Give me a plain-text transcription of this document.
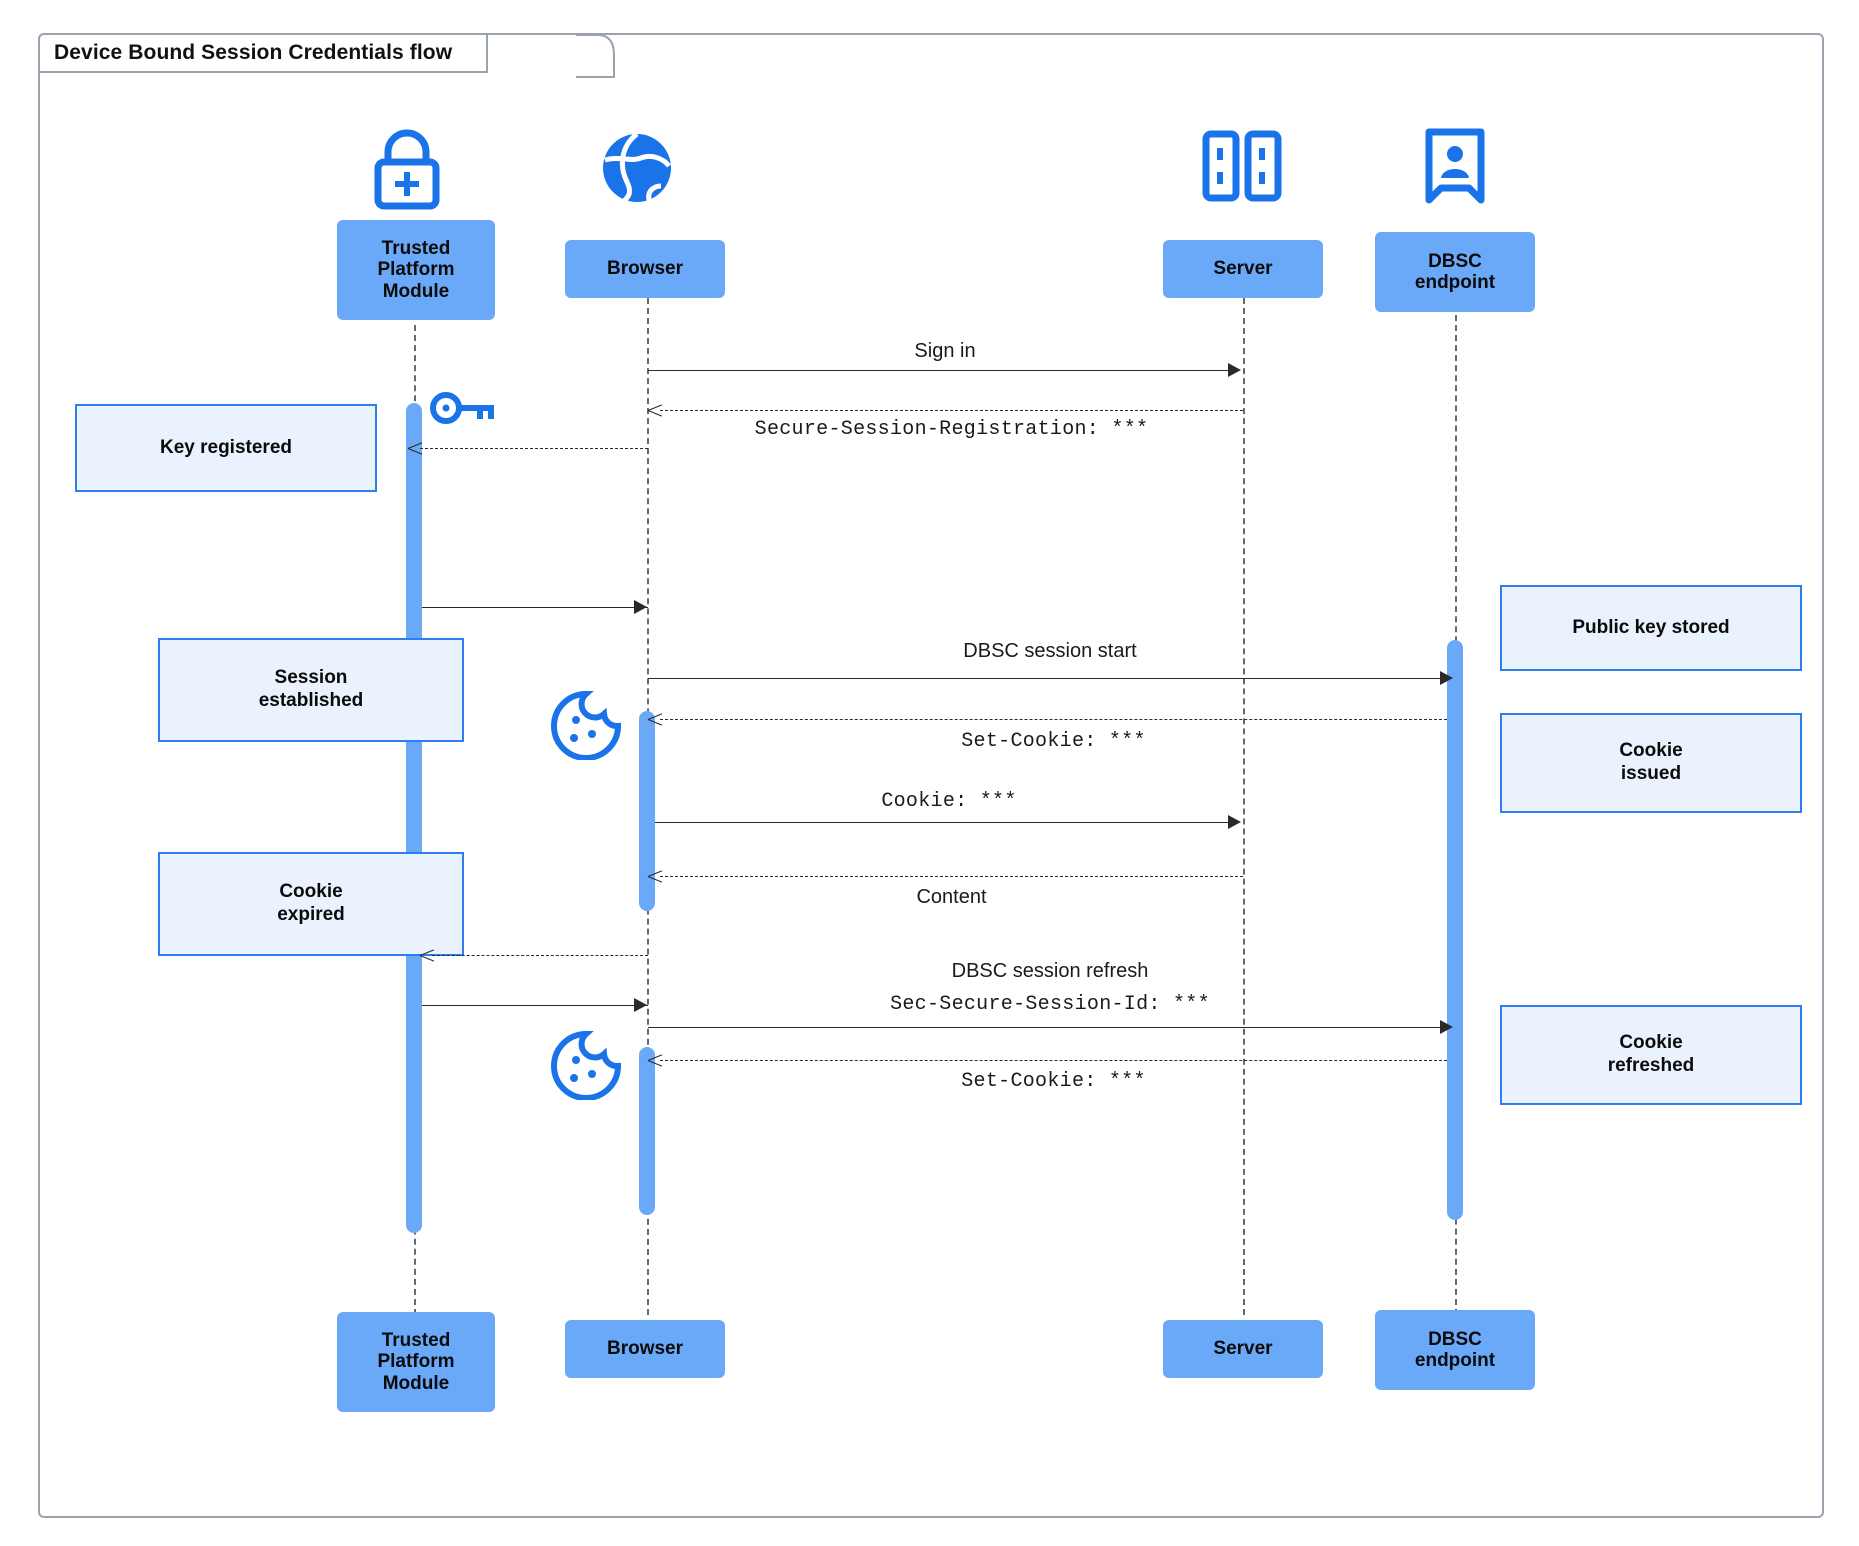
Device Bound Session Credentials flow
Trusted
Platform
Module
Browser	Server	DBSC
endpoint
Trusted
Platform
Module
Browser	Server	DBSC
endpoint
Sign in
Secure-Session-Registration: ***
Key registered
Session
established
DBSC session start
Public key stored
Set-Cookie: ***	Cookie
issued
Cookie: ***
Content
Cookie
expired
DBSC session refresh
Sec-Secure-Session-Id: ***
Cookie
refreshed
Set-Cookie: ***
